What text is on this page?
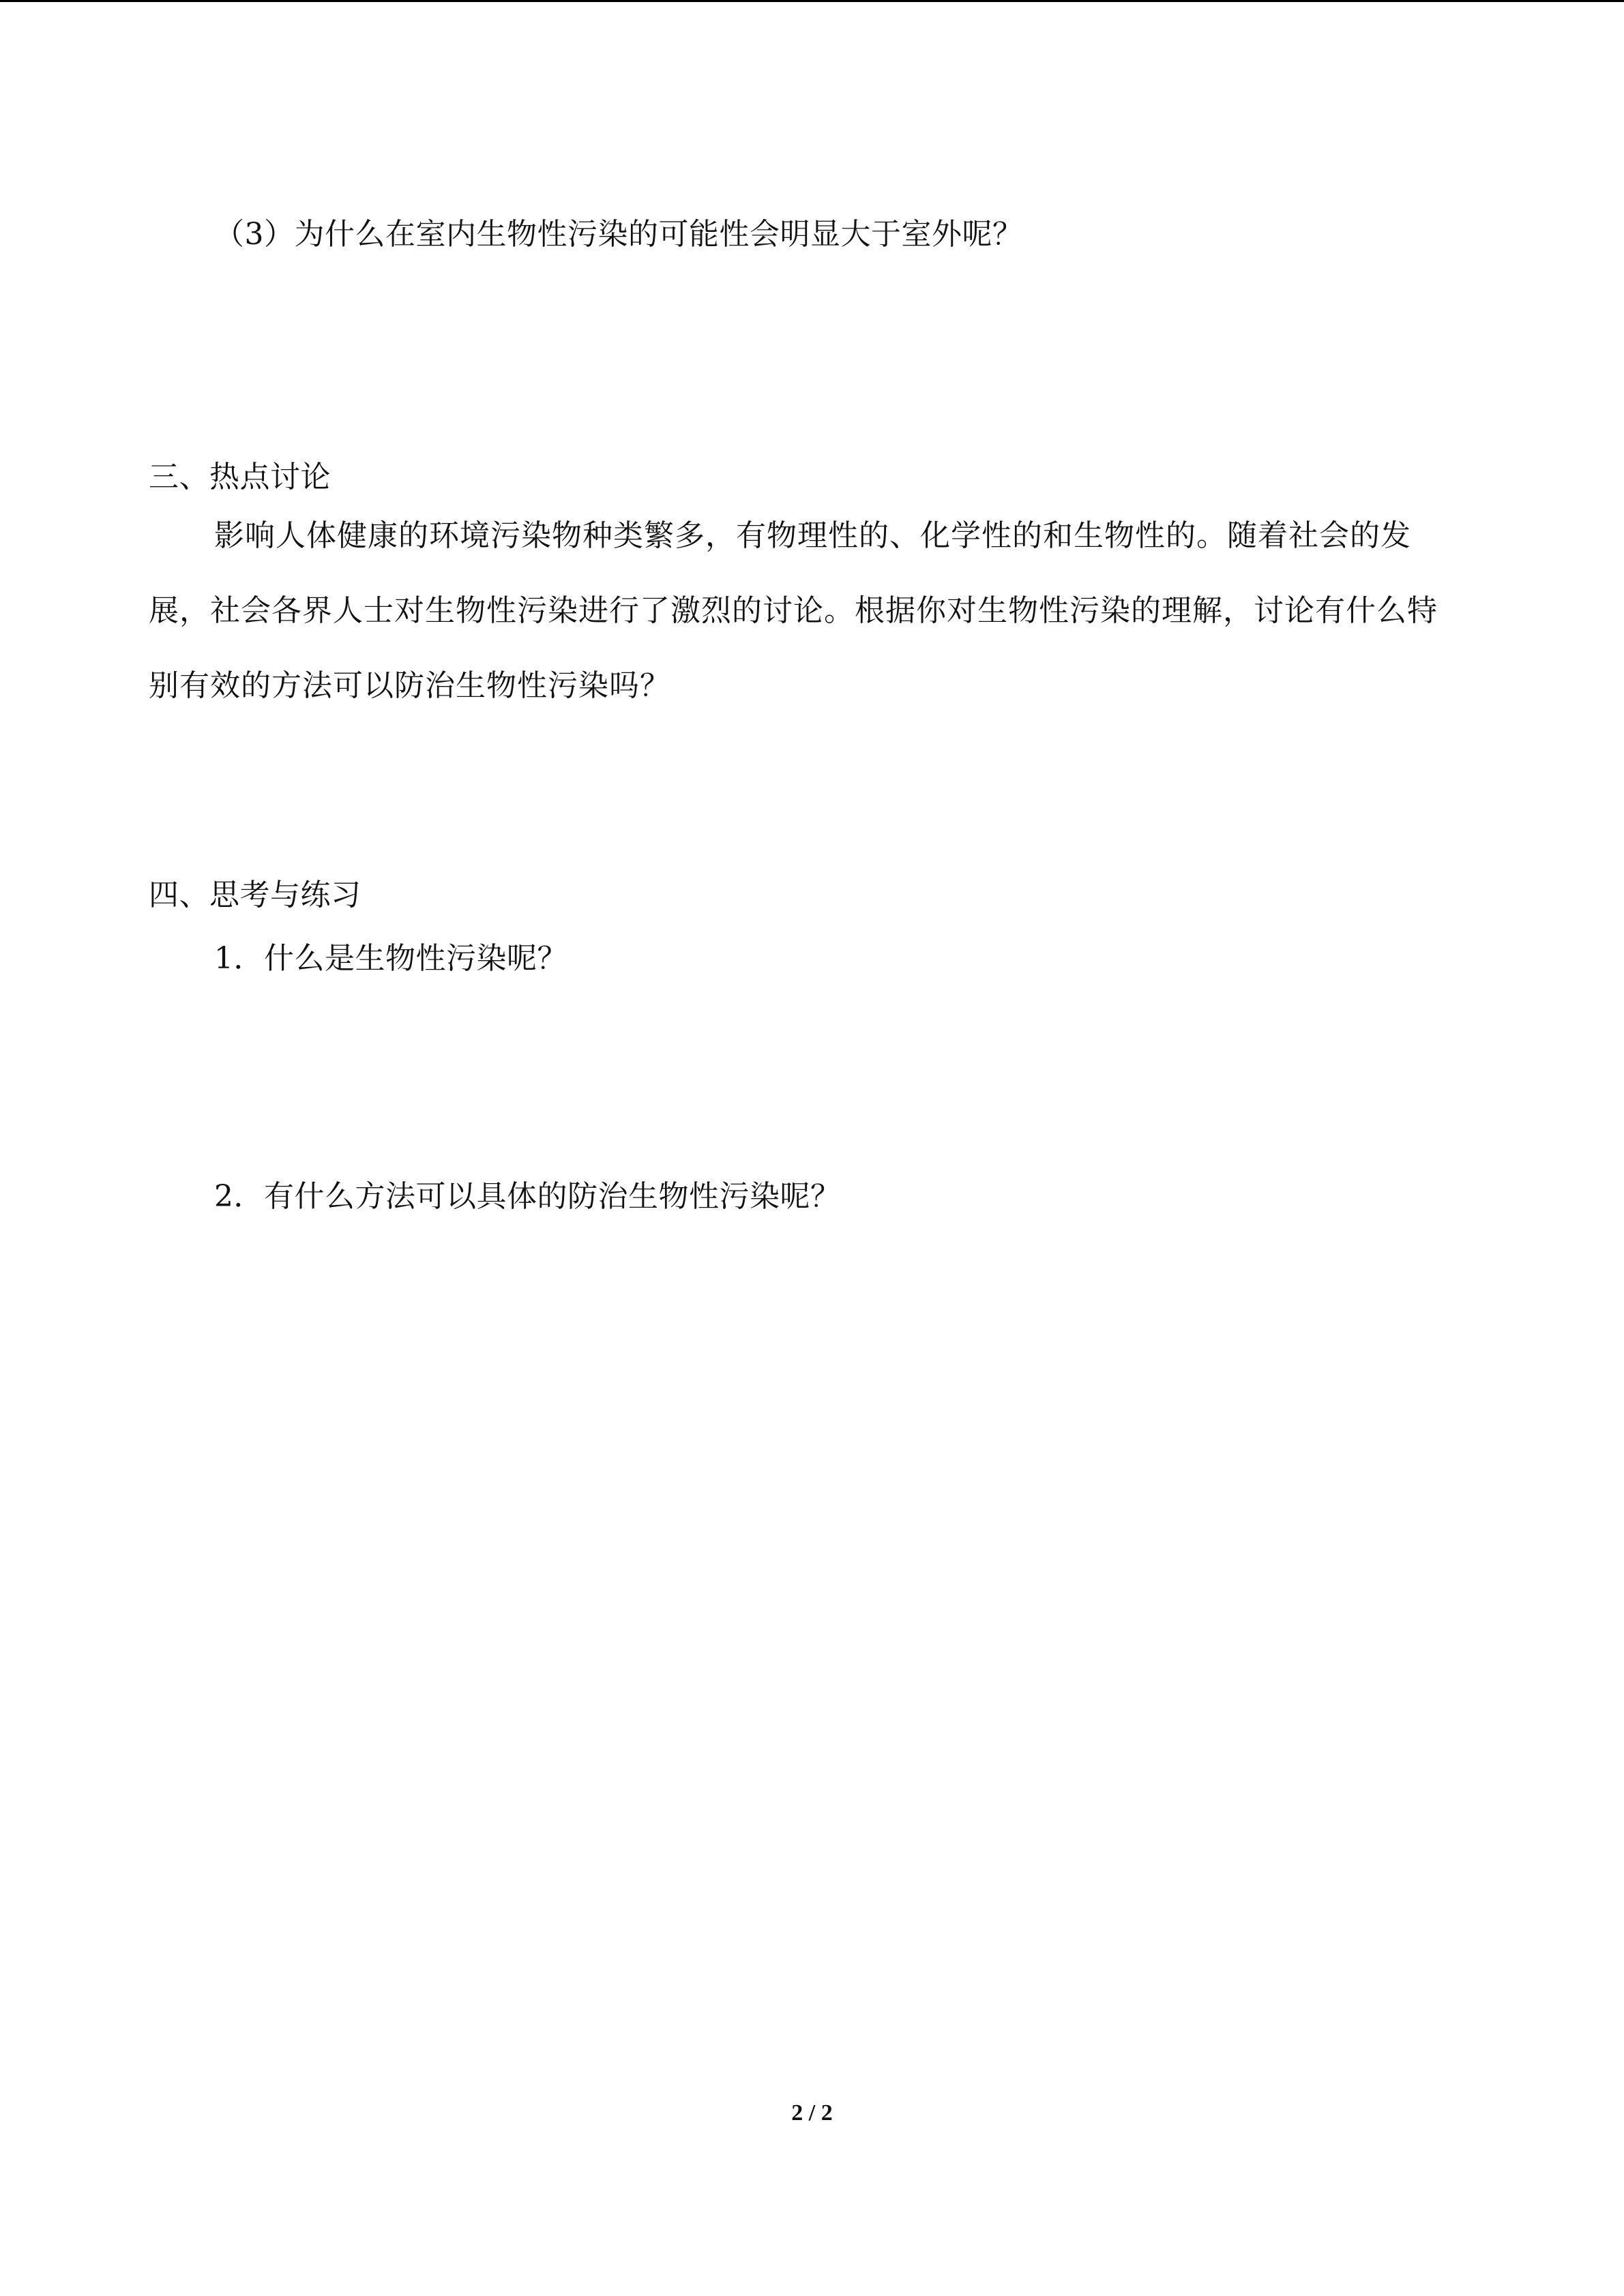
（3）为什么在室内生物性污染的可能性会明显大于室外呢？
三、热点讨论
影响人体健康的环境污染物种类繁多，有物理性的、化学性的和生物性的。随着社会的发展，社会各界人士对生物性污染进行了激烈的讨论。根据你对生物性污染的理解，讨论有什么特别有效的方法可以防治生物性污染吗？
四、思考与练习
1．什么是生物性污染呢？
2．有什么方法可以具体的防治生物性污染呢？
2 / 2
